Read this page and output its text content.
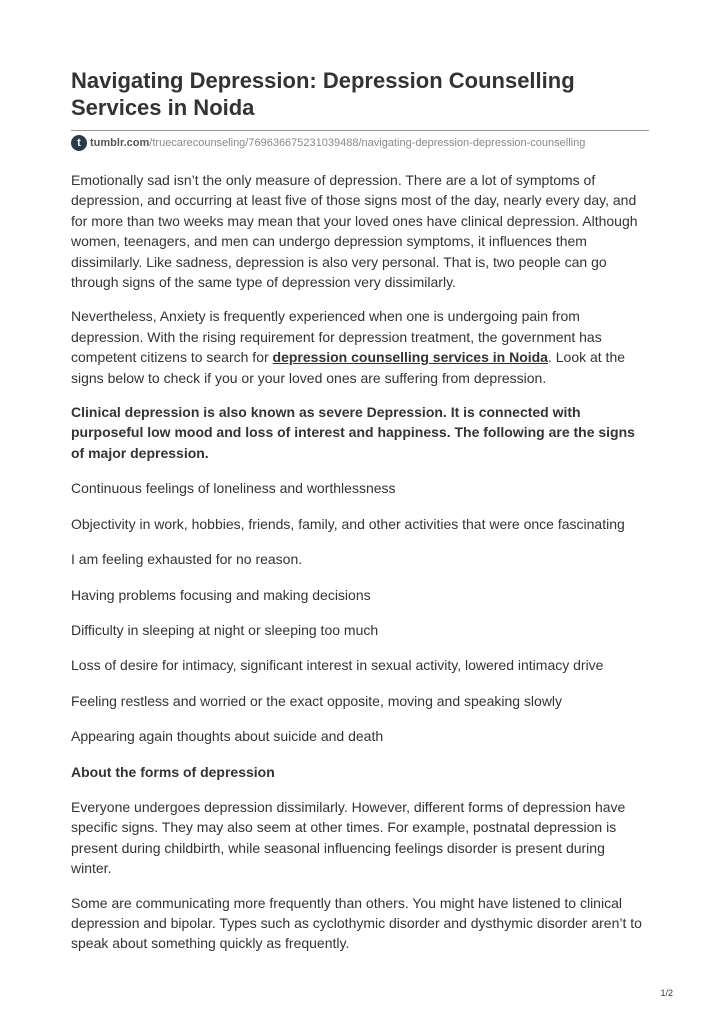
Navigating Depression: Depression Counselling Services in Noida
t tumblr.com /truecarecounseling/769636675231039488/navigating-depression-depression-counselling

Emotionally sad isn’t the only measure of depression. There are a lot of symptoms of depression, and occurring at least five of those signs most of the day, nearly every day, and for more than two weeks may mean that your loved ones have clinical depression. Although women, teenagers, and men can undergo depression symptoms, it influences them dissimilarly. Like sadness, depression is also very personal. That is, two people can go through signs of the same type of depression very dissimilarly.

Nevertheless, Anxiety is frequently experienced when one is undergoing pain from depression. With the rising requirement for depression treatment, the government has competent citizens to search for depression counselling services in Noida. Look at the signs below to check if you or your loved ones are suffering from depression.

Clinical depression is also known as severe Depression. It is connected with purposeful low mood and loss of interest and happiness. The following are the signs of major depression.

Continuous feelings of loneliness and worthlessness

Objectivity in work, hobbies, friends, family, and other activities that were once fascinating

I am feeling exhausted for no reason.

Having problems focusing and making decisions

Difficulty in sleeping at night or sleeping too much

Loss of desire for intimacy, significant interest in sexual activity, lowered intimacy drive

Feeling restless and worried or the exact opposite, moving and speaking slowly

Appearing again thoughts about suicide and death

About the forms of depression

Everyone undergoes depression dissimilarly. However, different forms of depression have specific signs. They may also seem at other times. For example, postnatal depression is present during childbirth, while seasonal influencing feelings disorder is present during winter.

Some are communicating more frequently than others. You might have listened to clinical depression and bipolar. Types such as cyclothymic disorder and dysthymic disorder aren’t to speak about something quickly as frequently.

1/2
